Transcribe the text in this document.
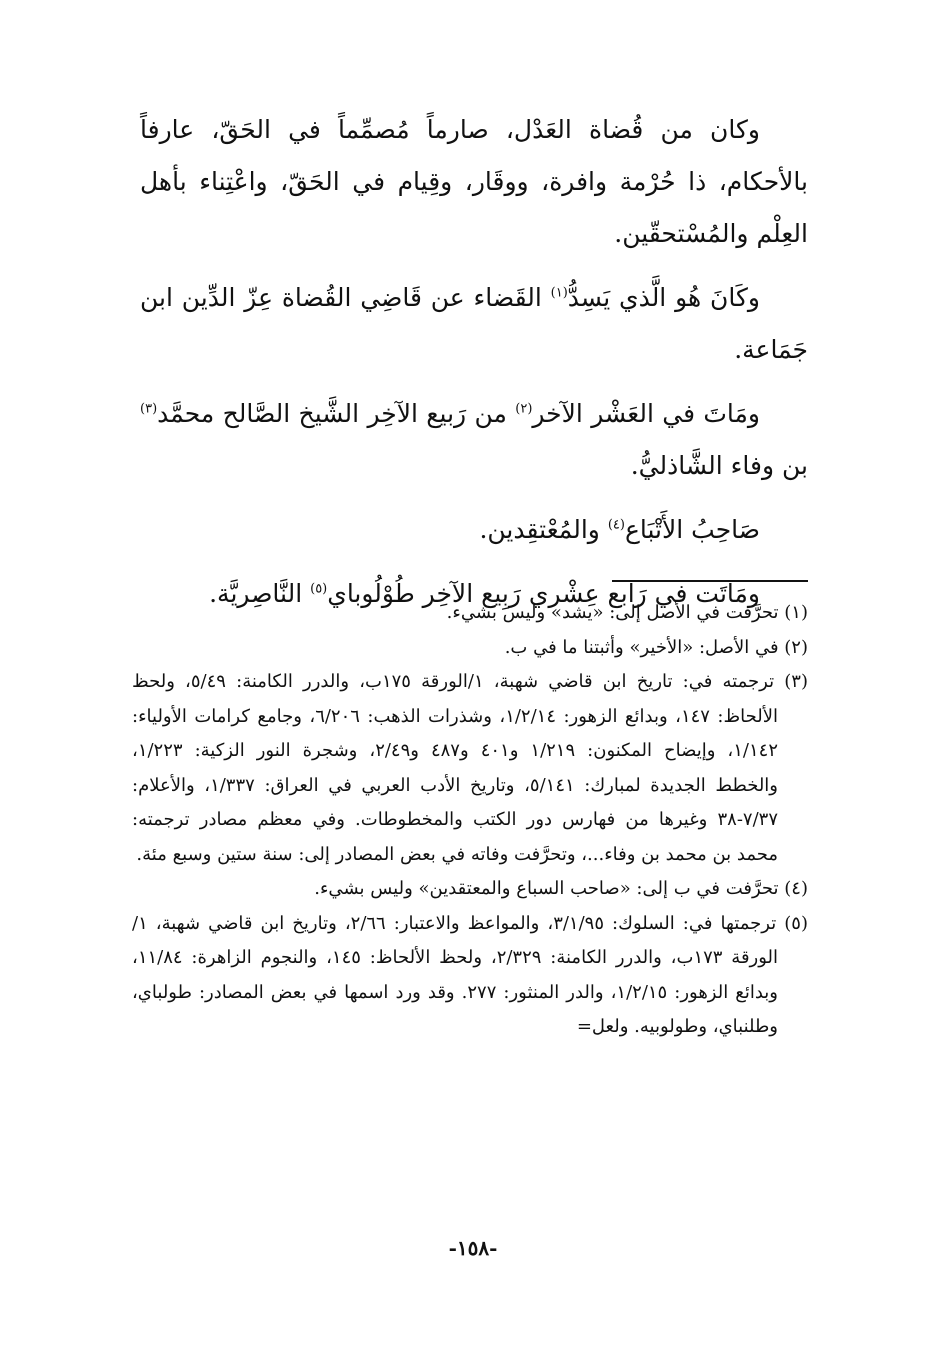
وكان من قُضاة العَدْل، صارماً مُصمِّماً في الحَقّ، عارفاً بالأحكام، ذا حُرْمة وافرة، ووقَار، وقِيام في الحَقّ، واعْتِناء بأهل العِلْم والمُسْتحقّين.

وكَانَ هُو الَّذي يَسِدُّ$^{(١)}$ القَضاء عن قَاضِي القُضاة عِزّ الدِّين ابن جَمَاعة.

ومَاتَ في العَشْر الآخر$^{(٢)}$ من رَبيع الآخِر الشَّيخ الصَّالح محمَّد$^{(٣)}$ بن وفاء الشَّاذليُّ.

صَاحِبُ الأَتْبَاع$^{(٤)}$ والمُعْتقِدين.

ومَاتَت في رَابع عِشْري رَبِيع الآخِر طُوْلُوباي$^{(٥)}$ النَّاصِريَّة.

(١) تحرَّفت في الأصل إلى: «يشد» وليس بشيء.

(٢) في الأصل: «الأخير» وأثبتنا ما في ب.

(٣) ترجمته في: تاريخ ابن قاضي شهبة، ١/الورقة ١٧٥ب، والدرر الكامنة: ٥/٤٩، ولحظ الألحاظ: ١٤٧، وبدائع الزهور: ١/٢/١٤، وشذرات الذهب: ٦/٢٠٦، وجامع كرامات الأولياء: ١/١٤٢، وإيضاح المكنون: ١/٢١٩ و٤٠١ و٤٨٧ و٢/٤٩، وشجرة النور الزكية: ١/٢٢٣، والخطط الجديدة لمبارك: ٥/١٤١، وتاريخ الأدب العربي في العراق: ١/٣٣٧، والأعلام: ٧/٣٧-٣٨ وغيرها من فهارس دور الكتب والمخطوطات. وفي معظم مصادر ترجمته: محمد بن محمد بن وفاء...، وتحرَّفت وفاته في بعض المصادر إلى: سنة ستين وسبع مئة.

(٤) تحرَّفت في ب إلى: «صاحب السباع والمعتقدين» وليس بشيء.

(٥) ترجمتها في: السلوك: ٣/١/٩٥، والمواعظ والاعتبار: ٢/٦٦، وتاريخ ابن قاضي شهبة، ١/الورقة ١٧٣ب، والدرر الكامنة: ٢/٣٢٩، ولحظ الألحاظ: ١٤٥، والنجوم الزاهرة: ١١/٨٤، وبدائع الزهور: ١/٢/١٥، والدر المنثور: ٢٧٧. وقد ورد اسمها في بعض المصادر: طولباي، وطلنباي، وطولوبيه. ولعل=

-١٥٨-
